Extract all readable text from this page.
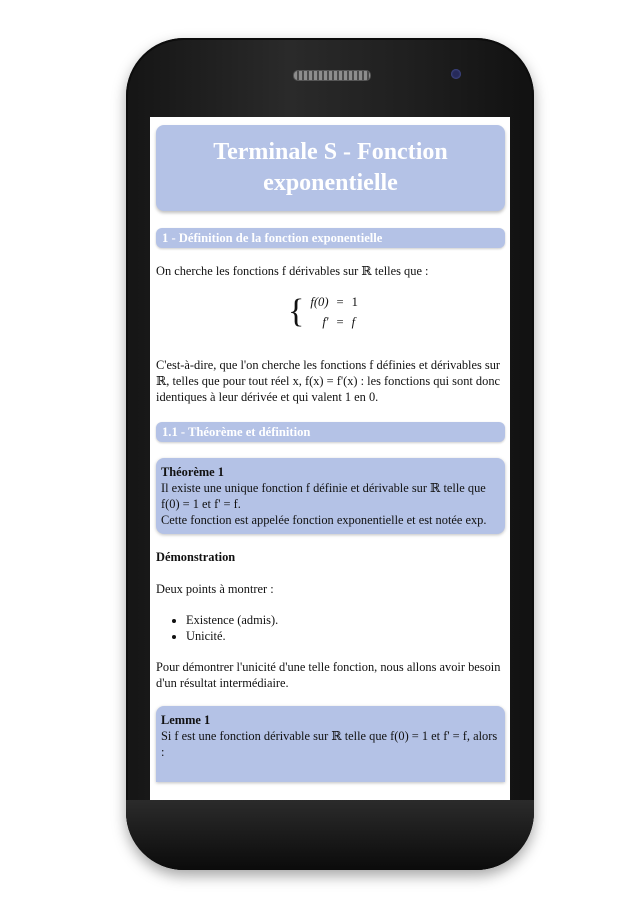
Terminale S - Fonction exponentielle
1 - Définition de la fonction exponentielle

On cherche les fonctions f dérivables sur ℝ telles que :

{ f(0)	=	1
f'	=	f

C'est-à-dire, que l'on cherche les fonctions f définies et dérivables sur ℝ, telles que pour tout réel x, f(x) = f'(x) : les fonctions qui sont donc identiques à leur dérivée et qui valent 1 en 0.

1.1 - Théorème et définition
Théorème 1
Il existe une unique fonction f définie et dérivable sur ℝ telle que f(0) = 1 et f' = f.
Cette fonction est appelée fonction exponentielle et est notée exp.
Démonstration

Deux points à montrer :

• Existence (admis).
• Unicité.

Pour démontrer l'unicité d'une telle fonction, nous allons avoir besoin d'un résultat intermédiaire.

Lemme 1
Si f est une fonction dérivable sur ℝ telle que f(0) = 1 et f' = f, alors :
